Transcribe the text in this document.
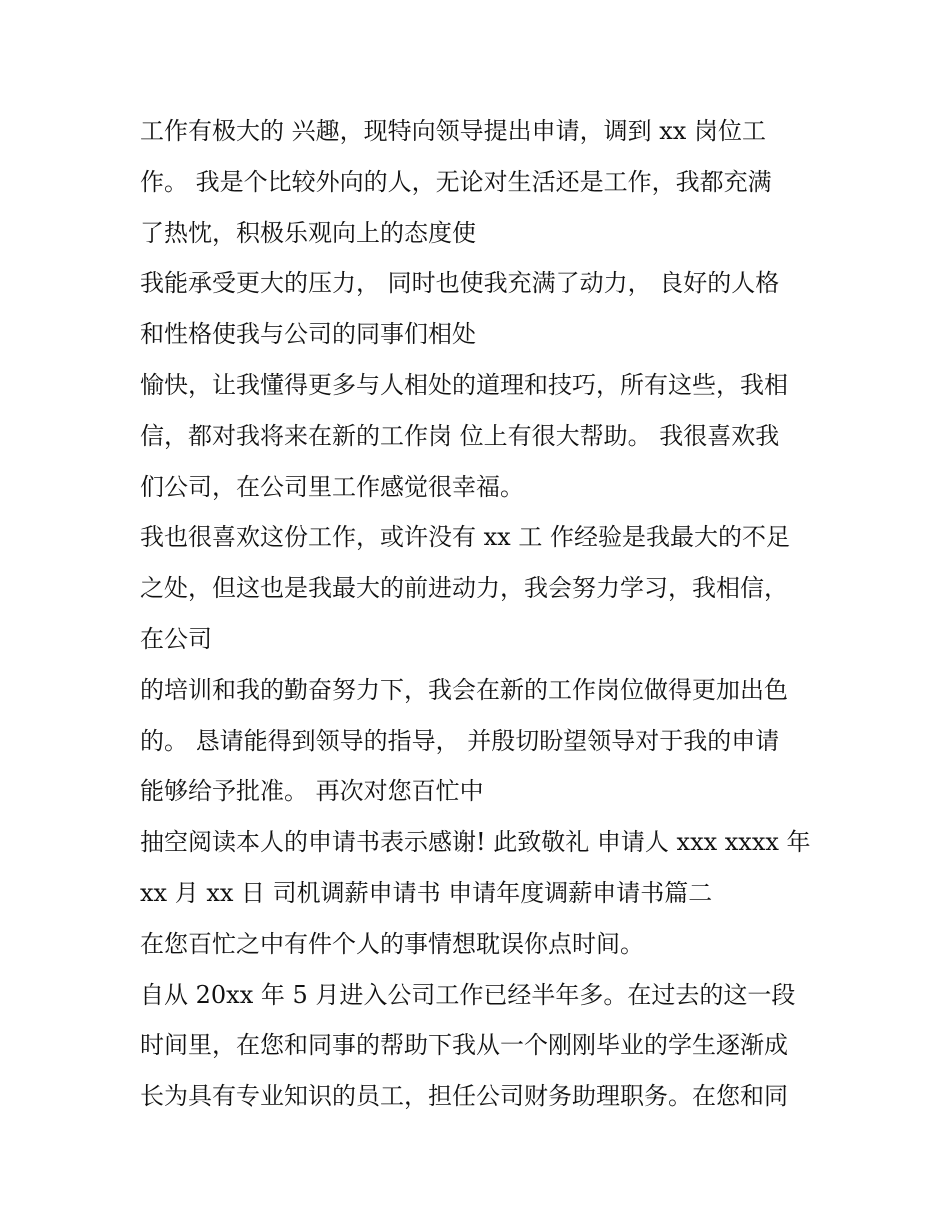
工作有极大的 兴趣，现特向领导提出申请，调到 xx 岗位工
作。 我是个比较外向的人，无论对生活还是工作，我都充满
了热忱，积极乐观向上的态度使
我能承受更大的压力， 同时也使我充满了动力， 良好的人格
和性格使我与公司的同事们相处
愉快，让我懂得更多与人相处的道理和技巧，所有这些，我相
信，都对我将来在新的工作岗 位上有很大帮助。 我很喜欢我
们公司，在公司里工作感觉很幸福。
我也很喜欢这份工作，或许没有 xx 工 作经验是我最大的不足
之处，但这也是我最大的前进动力，我会努力学习，我相信，
在公司
的培训和我的勤奋努力下，我会在新的工作岗位做得更加出色
的。 恳请能得到领导的指导， 并殷切盼望领导对于我的申请
能够给予批准。 再次对您百忙中
抽空阅读本人的申请书表示感谢! 此致敬礼 申请人 xxx xxxx 年
xx 月 xx 日 司机调薪申请书 申请年度调薪申请书篇二
在您百忙之中有件个人的事情想耽误你点时间。
自从 20xx 年 5 月进入公司工作已经半年多。在过去的这一段
时间里，在您和同事的帮助下我从一个刚刚毕业的学生逐渐成
长为具有专业知识的员工，担任公司财务助理职务。在您和同
